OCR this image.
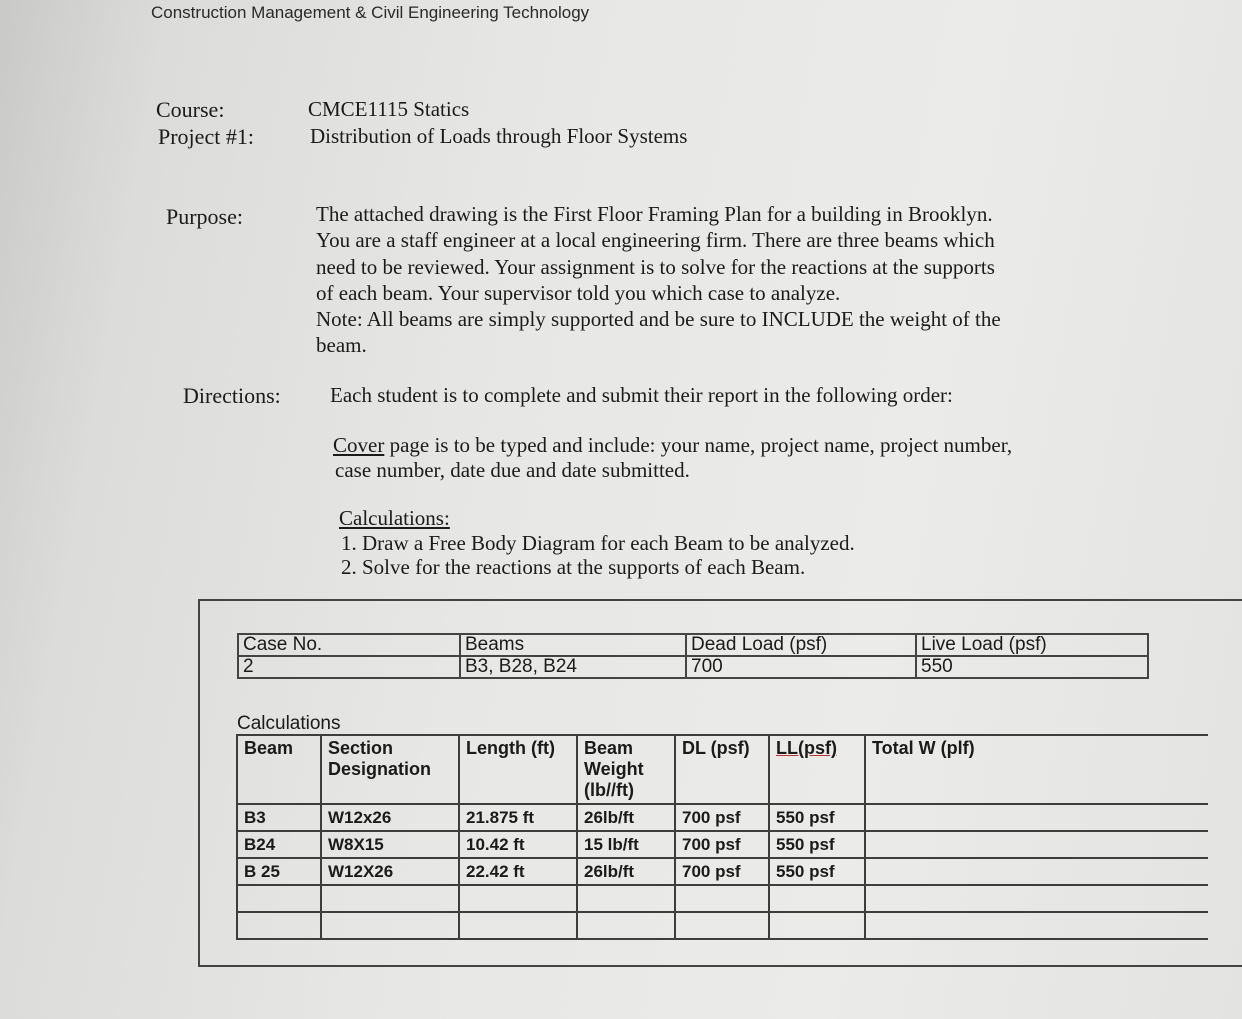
Construction Management & Civil Engineering Technology
Course:	CMCE1115 Statics
Project #1:	Distribution of Loads through Floor Systems
Purpose:	The attached drawing is the First Floor Framing Plan for a building in Brooklyn.
You are a staff engineer at a local engineering firm. There are three beams which
need to be reviewed. Your assignment is to solve for the reactions at the supports
of each beam. Your supervisor told you which case to analyze.
Note: All beams are simply supported and be sure to INCLUDE the weight of the
beam.
Directions: Each student is to complete and submit their report in the following order:
Cover page is to be typed and include: your name, project name, project number,
case number, date due and date submitted.
Calculations:
1. Draw a Free Body Diagram for each Beam to be analyzed.
2. Solve for the reactions at the supports of each Beam.
Case No.	Beams	Dead Load (psf)	Live Load (psf)
2	B3, B28, B24	700	550
Calculations
Beam	Section Designation	Length (ft)	Beam Weight (lb//ft)	DL (psf)	LL(psf)	Total W (plf)
B3	W12x26	21.875 ft	26lb/ft	700 psf	550 psf	
B24	W8X15	10.42 ft	15 lb/ft	700 psf	550 psf	
B 25	W12X26	22.42 ft	26lb/ft	700 psf	550 psf	
